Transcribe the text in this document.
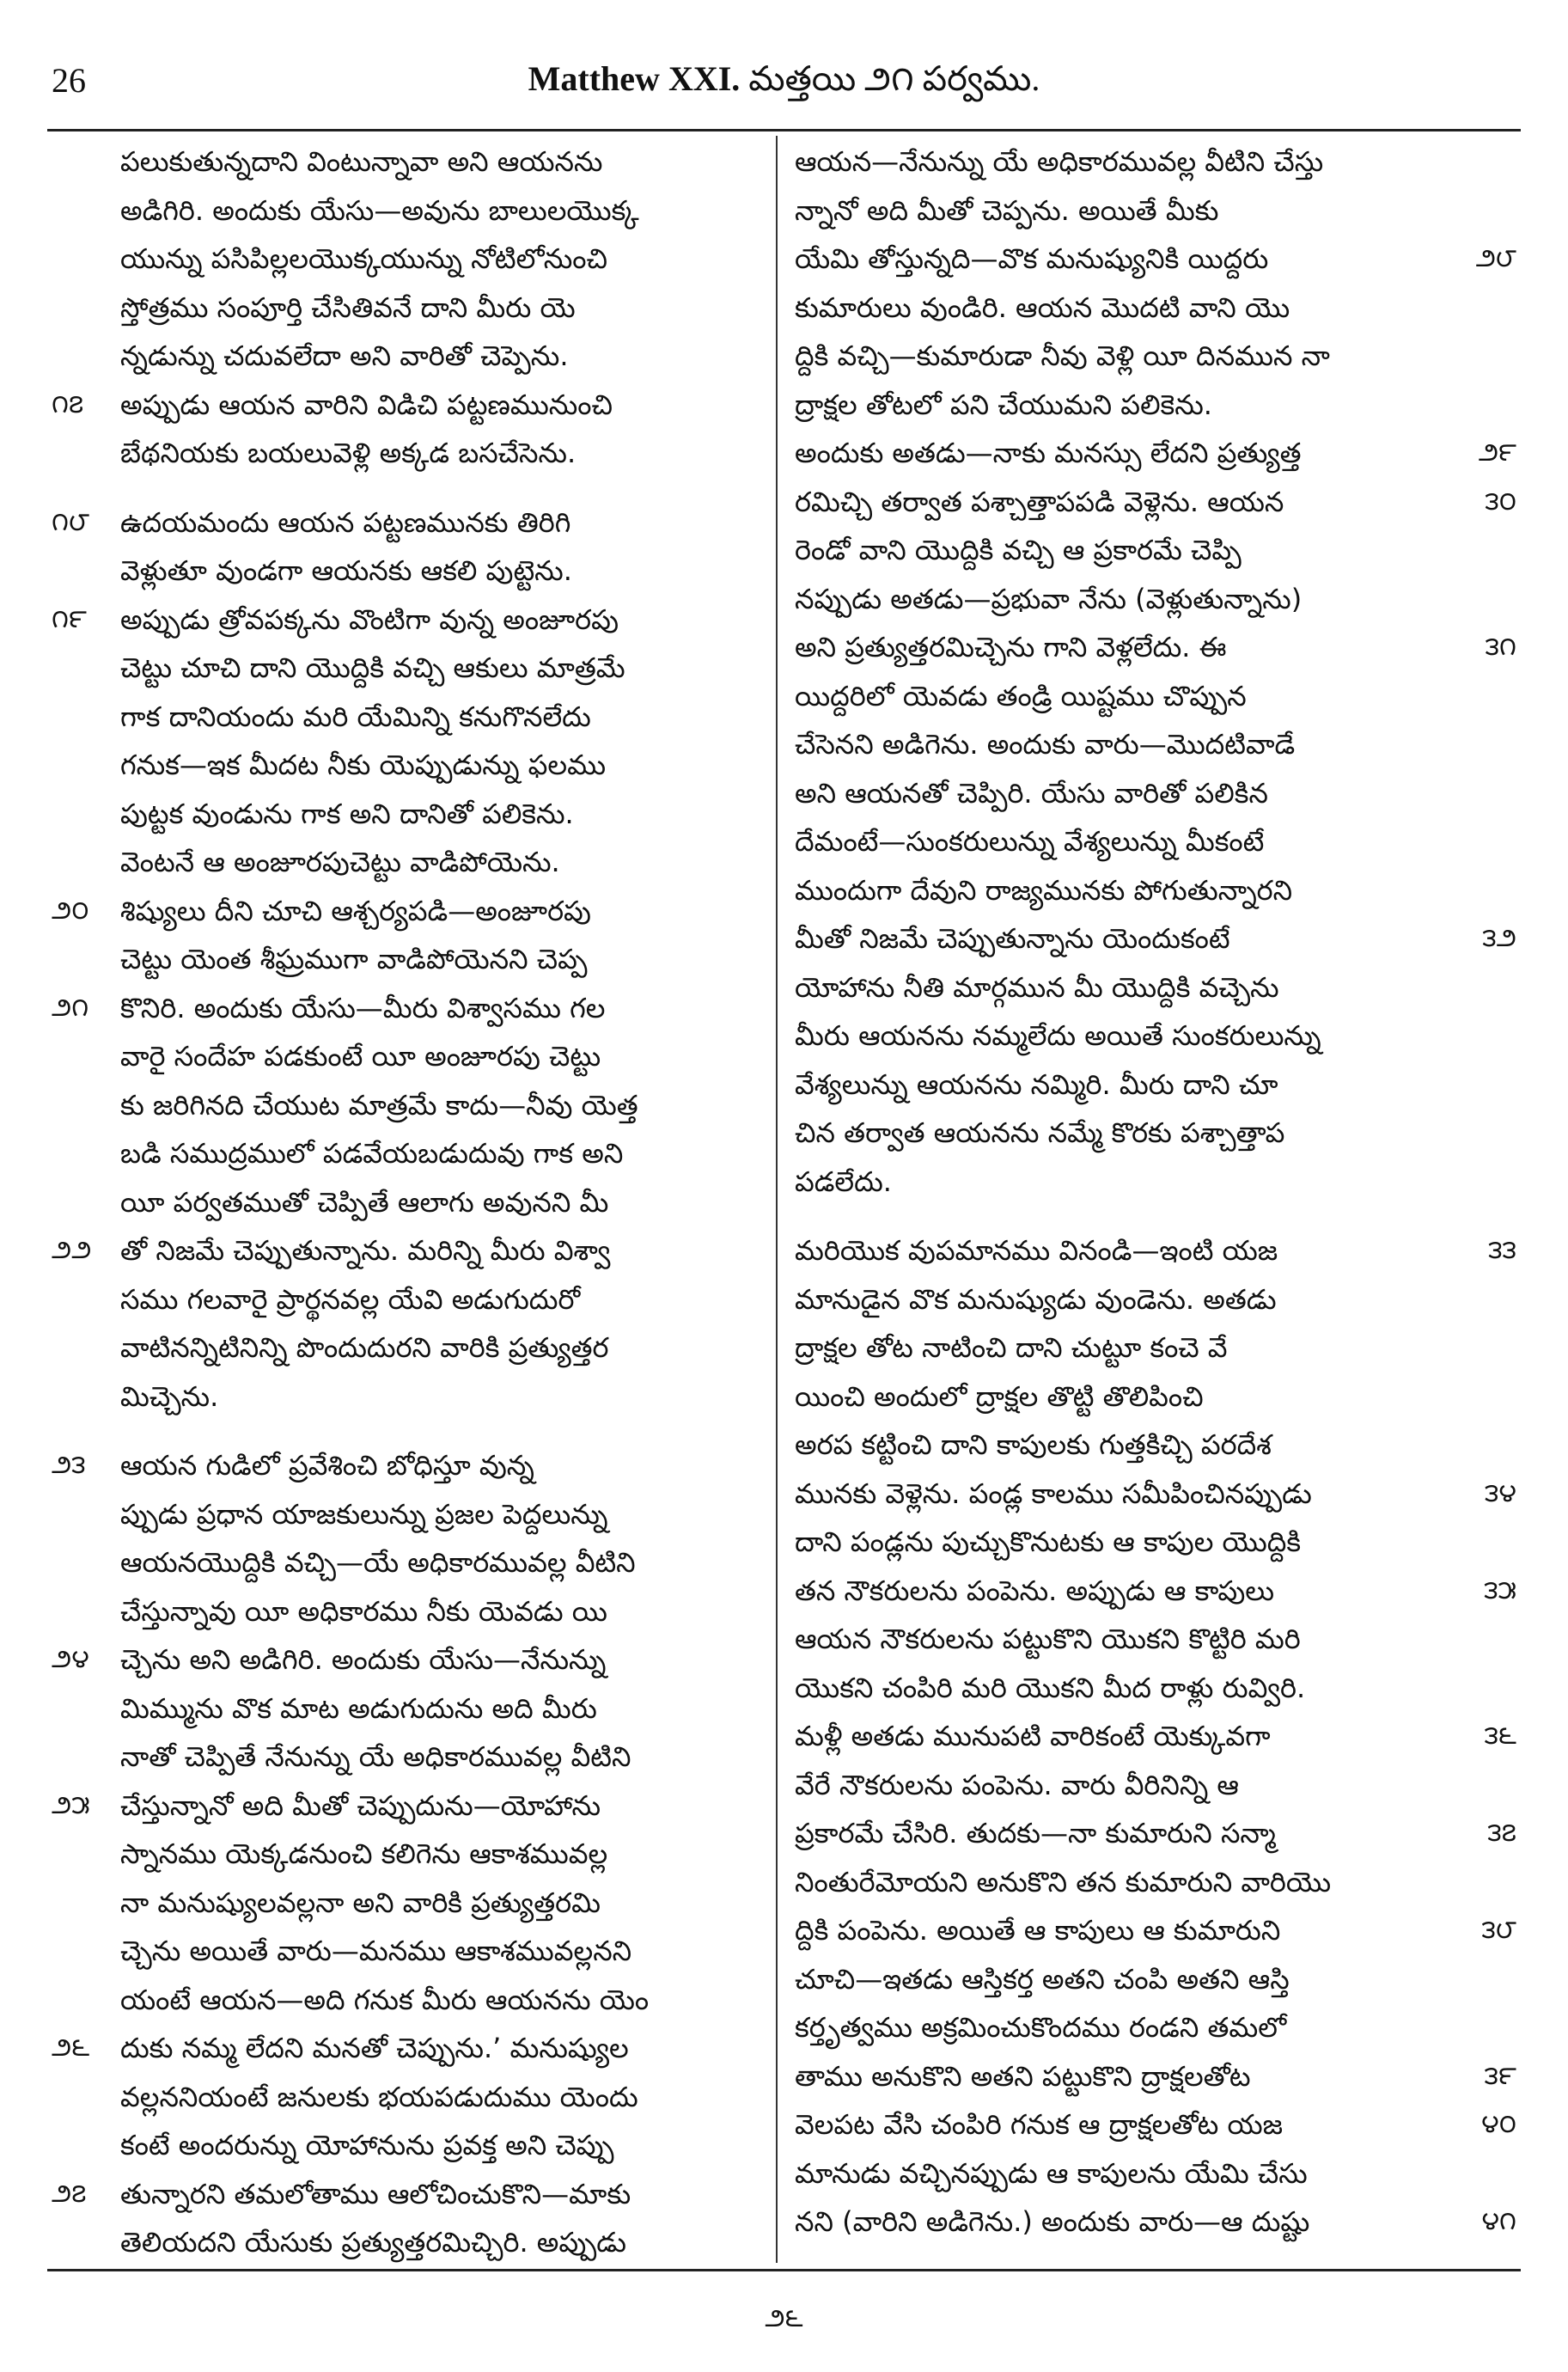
26	Matthew XXI. మత్తయి ౨౧ పర్వము.
పలుకుతున్నదాని వింటున్నావా అని ఆయనను
అడిగిరి. అందుకు యేసు—అవును బాలులయొక్క
యున్ను పసిపిల్లలయొక్కయున్ను నోటిలోనుంచి
స్తోత్రము సంపూర్తి చేసితివనే దాని మీరు యె
న్నడున్ను చదువలేదా అని వారితో చెప్పెను.
అప్పుడు ఆయన వారిని విడిచి పట్టణమునుంచి
౧౭
బేథనియకు బయలువెళ్లి అక్కడ బసచేసెను.
ఉదయమందు ఆయన పట్టణమునకు తిరిగి
౧౮
వెళ్లుతూ వుండగా ఆయనకు ఆకలి పుట్టెను.
అప్పుడు త్రోవపక్కను వొంటిగా వున్న అంజూరపు
౧౯
చెట్టు చూచి దాని యొద్దికి వచ్చి ఆకులు మాత్రమే
గాక దానియందు మరి యేమిన్ని కనుగొనలేదు
గనుక—ఇక మీదట నీకు యెప్పుడున్ను ఫలము
పుట్టక వుండును గాక అని దానితో పలికెను.
వెంటనే ఆ అంజూరపుచెట్టు వాడిపోయెను.
శిష్యులు దీని చూచి ఆశ్చర్యపడి—అంజూరపు
౨౦
చెట్టు యెంత శీఘ్రముగా వాడిపోయెనని చెప్ప
కొనిరి. అందుకు యేసు—మీరు విశ్వాసము గల
౨౧
వారై సందేహ పడకుంటే యీ అంజూరపు చెట్టు
కు జరిగినది చేయుట మాత్రమే కాదు—నీవు యెత్త
బడి సముద్రములో పడవేయబడుదువు గాక అని
యీ పర్వతముతో చెప్పితే ఆలాగు అవునని మీ
తో నిజమే చెప్పుతున్నాను. మరిన్ని మీరు విశ్వా
౨౨
సము గలవారై ప్రార్థనవల్ల యేవి అడుగుదురో
వాటినన్నిటినిన్ని పొందుదురని వారికి ప్రత్యుత్తర
మిచ్చెను.
ఆయన గుడిలో ప్రవేశించి బోధిస్తూ వున్న
౨౩
ప్పుడు ప్రధాన యాజకులున్ను ప్రజల పెద్దలున్ను
ఆయనయొద్దికి వచ్చి—యే అధికారమువల్ల వీటిని
చేస్తున్నావు యీ అధికారము నీకు యెవడు యి
చ్చెను అని అడిగిరి. అందుకు యేసు—నేనున్ను
౨౪
మిమ్మును వొక మాట అడుగుదును అది మీరు
నాతో చెప్పితే నేనున్ను యే అధికారమువల్ల వీటిని
చేస్తున్నానో అది మీతో చెప్పుదును—యోహాను
౨౫
స్నానము యెక్కడనుంచి కలిగెను ఆకాశమువల్ల
నా మనుష్యులవల్లనా అని వారికి ప్రత్యుత్తరమి
చ్చెను అయితే వారు—మనము ఆకాశమువల్లనని
యంటే ఆయన—అది గనుక మీరు ఆయనను యెం
దుకు నమ్మ లేదని మనతో చెప్పును.’ మనుష్యుల
౨౬
వల్లననియంటే జనులకు భయపడుదుము యెందు
కంటే అందరున్ను యోహానును ప్రవక్త అని చెప్పు
తున్నారని తమలోతాము ఆలోచించుకొని—మాకు
౨౭
తెలియదని యేసుకు ప్రత్యుత్తరమిచ్చిరి. అప్పుడు
ఆయన—నేనున్ను యే అధికారమువల్ల వీటిని చేస్తు
న్నానో అది మీతో చెప్పను. అయితే మీకు
యేమి తోస్తున్నది—వొక మనుష్యునికి యిద్దరు	౨౮
కుమారులు వుండిరి. ఆయన మొదటి వాని యొ
ద్దికి వచ్చి—కుమారుడా నీవు వెళ్లి యీ దినమున నా
ద్రాక్షల తోటలో పని చేయుమని పలికెను.
అందుకు అతడు—నాకు మనస్సు లేదని ప్రత్యుత్త	౨౯
రమిచ్చి తర్వాత పశ్చాత్తాపపడి వెళ్లెను. ఆయన	౩౦
రెండో వాని యొద్దికి వచ్చి ఆ ప్రకారమే చెప్పి
నప్పుడు అతడు—ప్రభువా నేను (వెళ్లుతున్నాను)
అని ప్రత్యుత్తరమిచ్చెను గాని వెళ్లలేదు. ఈ	౩౧
యిద్దరిలో యెవడు తండ్రి యిష్టము చొప్పున
చేసెనని అడిగెను. అందుకు వారు—మొదటివాడే
అని ఆయనతో చెప్పిరి. యేసు వారితో పలికిన
దేమంటే—సుంకరులున్ను వేశ్యలున్ను మీకంటే
ముందుగా దేవుని రాజ్యమునకు పోగుతున్నారని
మీతో నిజమే చెప్పుతున్నాను యెందుకంటే	౩౨
యోహాను నీతి మార్గమున మీ యొద్దికి వచ్చెను
మీరు ఆయనను నమ్మలేదు అయితే సుంకరులున్ను
వేశ్యలున్ను ఆయనను నమ్మిరి. మీరు దాని చూ
చిన తర్వాత ఆయనను నమ్మే కొరకు పశ్చాత్తాప
పడలేదు.
మరియొక వుపమానము వినండి—ఇంటి యజ	౩౩
మానుడైన వొక మనుష్యుడు వుండెను. అతడు
ద్రాక్షల తోట నాటించి దాని చుట్టూ కంచె వే
యించి అందులో ద్రాక్షల తొట్టి తొలిపించి
అరప కట్టించి దాని కాపులకు గుత్తకిచ్చి పరదేశ
మునకు వెళ్లెను. పండ్ల కాలము సమీపించినప్పుడు	౩౪
దాని పండ్లను పుచ్చుకొనుటకు ఆ కాపుల యొద్దికి
తన నౌకరులను పంపెను. అప్పుడు ఆ కాపులు	౩౫
ఆయన నౌకరులను పట్టుకొని యొకని కొట్టిరి మరి
యొకని చంపిరి మరి యొకని మీద రాళ్లు రువ్విరి.
మళ్లీ అతడు మునుపటి వారికంటే యెక్కువగా	౩౬
వేరే నౌకరులను పంపెను. వారు వీరినిన్ని ఆ
ప్రకారమే చేసిరి. తుదకు—నా కుమారుని సన్మా	౩౭
నింతురేమోయని అనుకొని తన కుమారుని వారియొ
ద్దికి పంపెను. అయితే ఆ కాపులు ఆ కుమారుని	౩౮
చూచి—ఇతడు ఆస్తికర్త అతని చంపి అతని ఆస్తి
కర్తృత్వము అక్రమించుకొందము రండని తమలో
తాము అనుకొని అతని పట్టుకొని ద్రాక్షలతోట	౩౯
వెలపట వేసి చంపిరి గనుక ఆ ద్రాక్షలతోట యజ	౪౦
మానుడు వచ్చినప్పుడు ఆ కాపులను యేమి చేసు
నని (వారిని అడిగెను.) అందుకు వారు—ఆ దుష్టు	౪౧
౨౬
